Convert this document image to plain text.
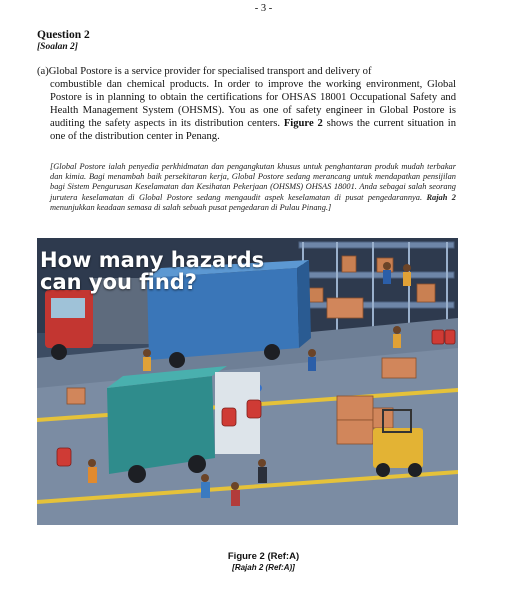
- 3 -
Question 2
[Soalan 2]
(a)Global Postore is a service provider for specialised transport and delivery of
combustible dan chemical products. In order to improve the working environment, Global Postore is in planning to obtain the certifications for OHSAS 18001 Occupational Safety and Health Management System (OHSMS). You as one of safety engineer in Global Postore is auditing the safety aspects in its distribution centers. Figure 2 shows the current situation in one of the distribution center in Penang.
[Global Postore ialah penyedia perkhidmatan dan pengangkutan khusus untuk penghantaran produk mudah terbakar dan kimia. Bagi menambah baik persekitaran kerja, Global Postore sedang merancang untuk mendapatkan pensijilan bagi Sistem Pengurusan Keselamatan dan Kesihatan Pekerjaan (OHSMS) OHSAS 18001. Anda sebagai salah seorang jurutera keselamatan di Global Postore sedang mengaudit aspek keselamatan di pusat pengedarannya. Rajah 2 menunjukkan keadaan semasa di salah sebuah pusat pengedaran di Pulau Pinang.]
How many hazards
can you find?
Figure 2 (Ref:A)
[Rajah 2 (Ref:A)]
